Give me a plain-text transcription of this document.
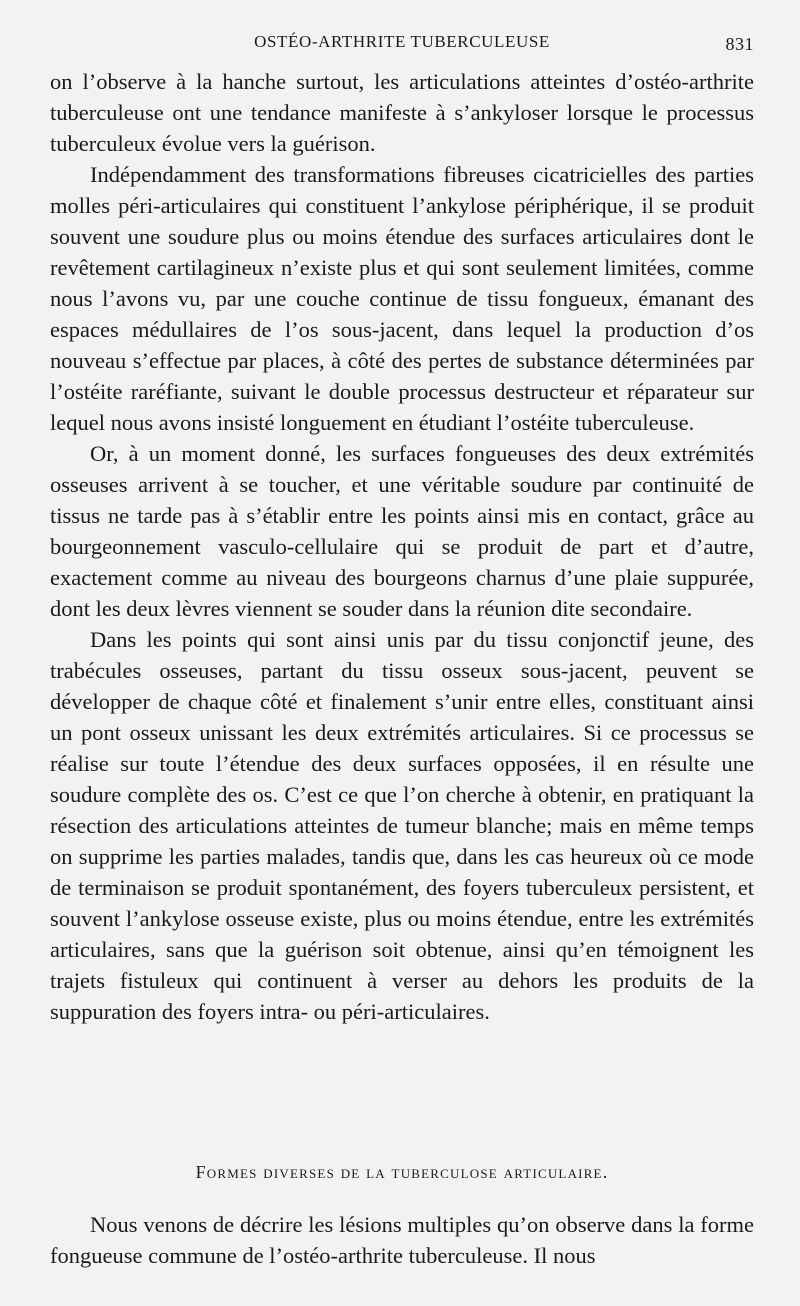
OSTÉO-ARTHRITE TUBERCULEUSE	831

on l’observe à la hanche surtout, les articulations atteintes d’ostéo-arthrite tuberculeuse ont une tendance manifeste à s’ankyloser lorsque le processus tuberculeux évolue vers la guérison.

Indépendamment des transformations fibreuses cicatricielles des parties molles péri-articulaires qui constituent l’ankylose périphérique, il se produit souvent une soudure plus ou moins étendue des surfaces articulaires dont le revêtement cartilagineux n’existe plus et qui sont seulement limitées, comme nous l’avons vu, par une couche continue de tissu fongueux, émanant des espaces médullaires de l’os sous-jacent, dans lequel la production d’os nouveau s’effectue par places, à côté des pertes de substance déterminées par l’ostéite raréfiante, suivant le double processus destructeur et réparateur sur lequel nous avons insisté longuement en étudiant l’ostéite tuberculeuse.

Or, à un moment donné, les surfaces fongueuses des deux extrémités osseuses arrivent à se toucher, et une véritable soudure par continuité de tissus ne tarde pas à s’établir entre les points ainsi mis en contact, grâce au bourgeonnement vasculo-cellulaire qui se produit de part et d’autre, exactement comme au niveau des bourgeons charnus d’une plaie suppurée, dont les deux lèvres viennent se souder dans la réunion dite secondaire.

Dans les points qui sont ainsi unis par du tissu conjonctif jeune, des trabécules osseuses, partant du tissu osseux sous-jacent, peuvent se développer de chaque côté et finalement s’unir entre elles, constituant ainsi un pont osseux unissant les deux extrémités articulaires. Si ce processus se réalise sur toute l’étendue des deux surfaces opposées, il en résulte une soudure complète des os. C’est ce que l’on cherche à obtenir, en pratiquant la résection des articulations atteintes de tumeur blanche; mais en même temps on supprime les parties malades, tandis que, dans les cas heureux où ce mode de terminaison se produit spontanément, des foyers tuberculeux persistent, et souvent l’ankylose osseuse existe, plus ou moins étendue, entre les extrémités articulaires, sans que la guérison soit obtenue, ainsi qu’en témoignent les trajets fistuleux qui continuent à verser au dehors les produits de la suppuration des foyers intra- ou péri-articulaires.

Formes diverses de la tuberculose articulaire.

Nous venons de décrire les lésions multiples qu’on observe dans la forme fongueuse commune de l’ostéo-arthrite tuberculeuse. Il nous
